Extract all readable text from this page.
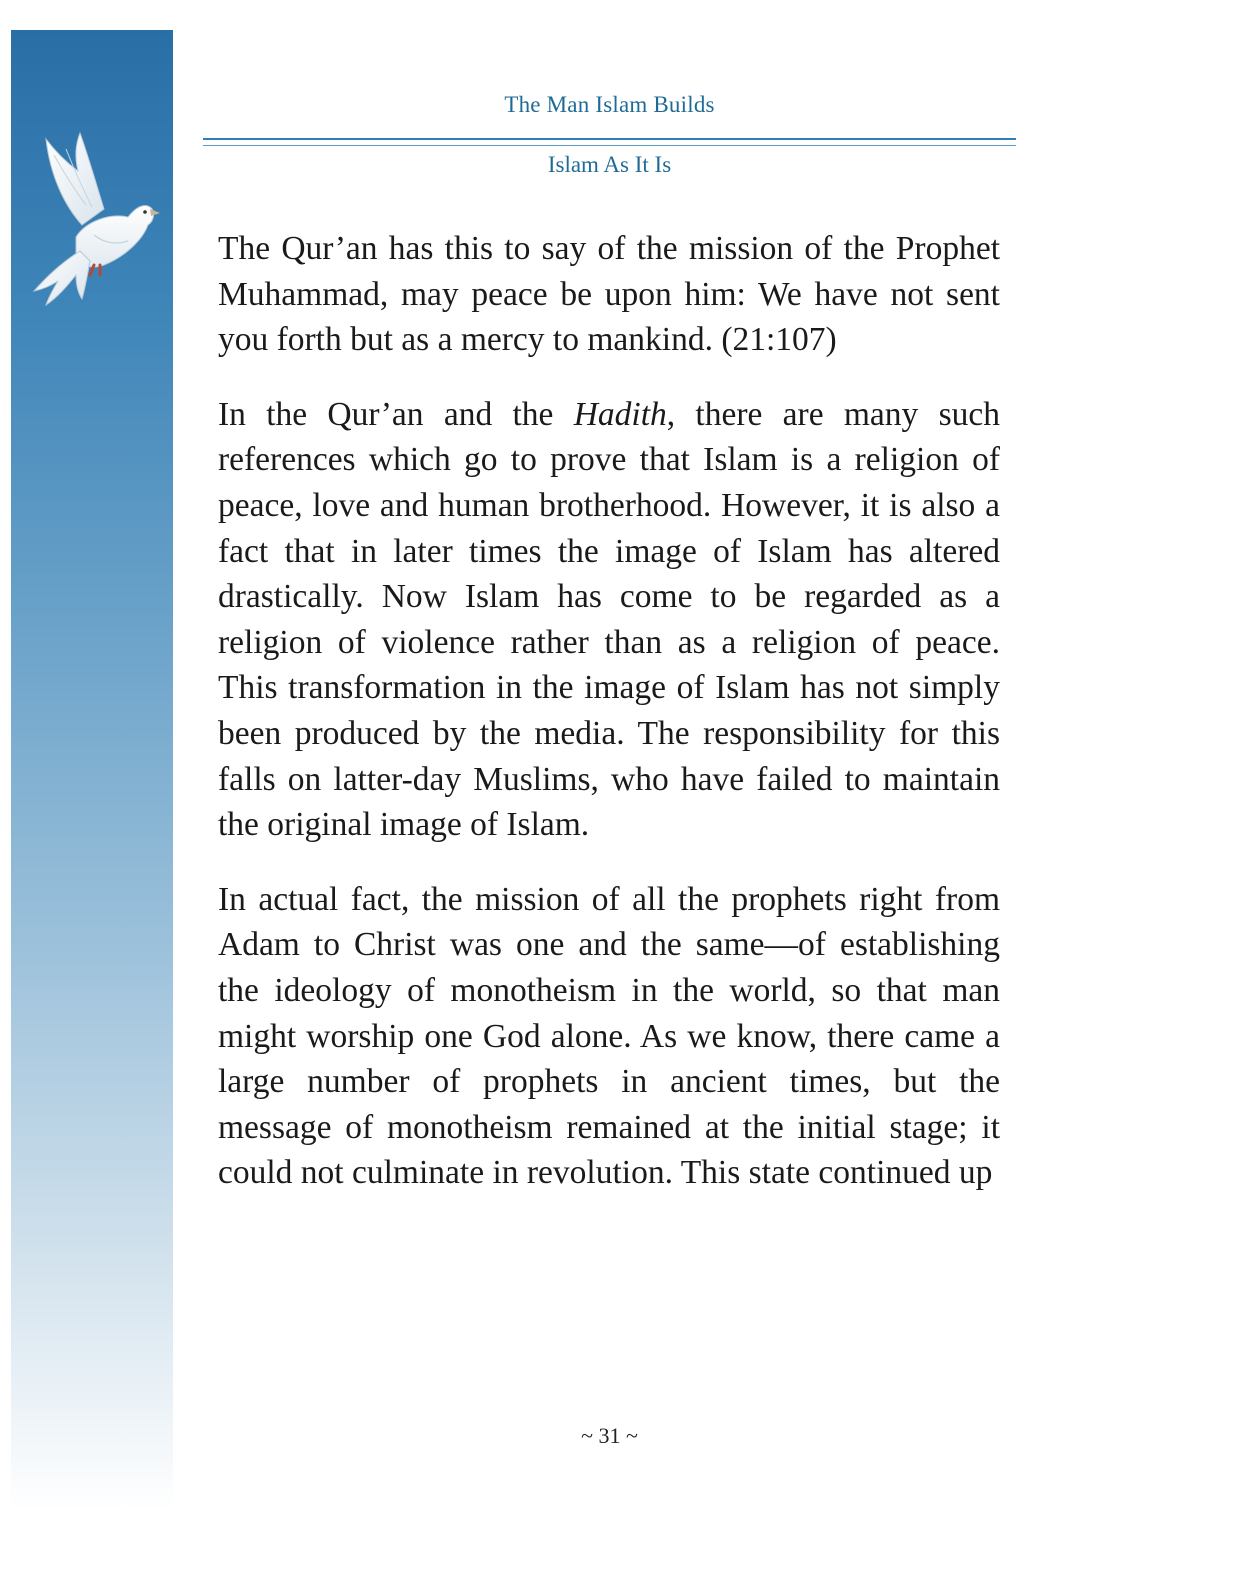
The Man Islam Builds
Islam As It Is

The Qur’an has this to say of the mission of the Prophet Muhammad, may peace be upon him: We have not sent you forth but as a mercy to mankind. (21:107)

In the Qur’an and the Hadith, there are many such references which go to prove that Islam is a religion of peace, love and human brotherhood. However, it is also a fact that in later times the image of Islam has altered drastically. Now Islam has come to be regarded as a religion of violence rather than as a religion of peace. This transformation in the image of Islam has not simply been produced by the media. The responsibility for this falls on latter-day Muslims, who have failed to maintain the original image of Islam.

In actual fact, the mission of all the prophets right from Adam to Christ was one and the same—of establishing the ideology of monotheism in the world, so that man might worship one God alone. As we know, there came a large number of prophets in ancient times, but the message of monotheism remained at the initial stage; it could not culminate in revolution. This state continued up

~ 31 ~
